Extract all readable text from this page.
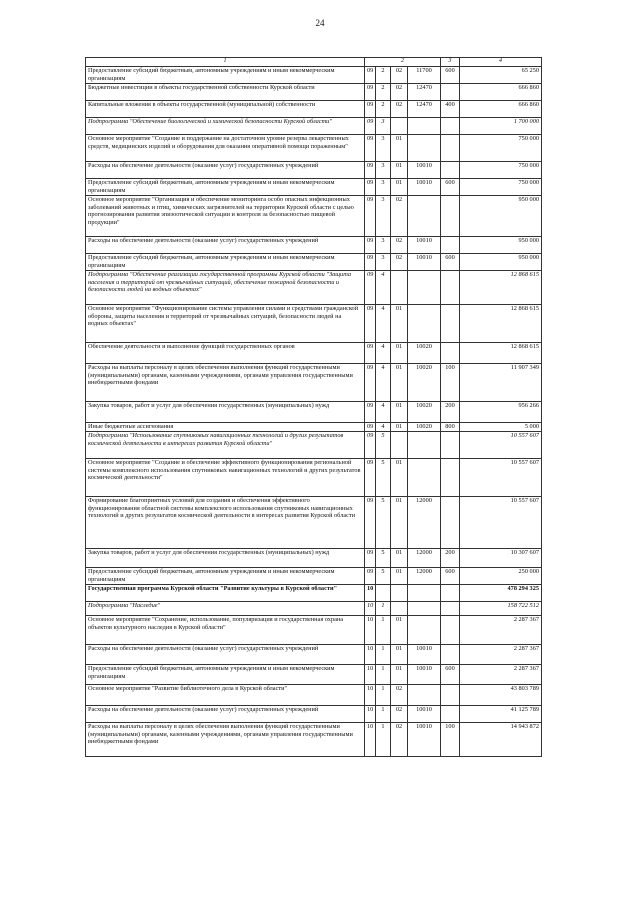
24
1	2				3	4
Предоставление субсидий бюджетным, автономным учреждениям и иным некоммерческим организациям	09	2	02	11700	600	65 250
Бюджетные инвестиции в объекты государственной собственности Курской области	09	2	02	12470		666 860
Капитальные вложения в объекты государственной (муниципальной) собственности	09	2	02	12470	400	666 860
Подпрограмма "Обеспечение биологической и химической безопасности Курской области"	09	3				1 700 000
Основное мероприятие "Создание и поддержание на достаточном уровне резерва лекарственных средств, медицинских изделий и оборудования для оказания оперативной помощи пораженным"	09	3	01			750 000
Расходы на обеспечение деятельности (оказание услуг) государственных учреждений	09	3	01	10010		750 000
Предоставление субсидий бюджетным, автономным учреждениям и иным некоммерческим организациям	09	3	01	10010	600	750 000
Основное мероприятие "Организация и обеспечение мониторинга особо опасных инфекционных заболеваний животных и птиц, химических загрязнителей на территории Курской области с целью прогнозирования развития эпизоотической ситуации и контроля за безопасностью пищевой продукции"	09	3	02			950 000
Расходы на обеспечение деятельности (оказание услуг) государственных учреждений	09	3	02	10010		950 000
Предоставление субсидий бюджетным, автономным учреждениям и иным некоммерческим организациям	09	3	02	10010	600	950 000
Подпрограмма "Обеспечение реализации государственной программы Курской области "Защита населения и территорий от чрезвычайных ситуаций, обеспечение пожарной безопасности и безопасности людей на водных объектах"	09	4				12 868 615
Основное мероприятие "Функционирование системы управления силами и средствами гражданской обороны, защиты населения и территорий от чрезвычайных ситуаций, безопасности людей на водных объектах"	09	4	01			12 868 615
Обеспечение деятельности и выполнение функций государственных органов	09	4	01	10020		12 868 615
Расходы на выплаты персоналу в целях обеспечения выполнения функций государственными (муниципальными) органами, казенными учреждениями, органами управления государственными внебюджетными фондами	09	4	01	10020	100	11 907 349
Закупка товаров, работ и услуг для обеспечения государственных (муниципальных) нужд	09	4	01	10020	200	956 266
Иные бюджетные ассигнования	09	4	01	10020	800	5 000
Подпрограмма "Использование спутниковых навигационных технологий и других результатов космической деятельности в интересах развития Курской области"	09	5				10 557 607
Основное мероприятие "Создание и обеспечение эффективного функционирования региональной системы комплексного использования спутниковых навигационных технологий и других результатов космической деятельности"	09	5	01			10 557 607
Формирование благоприятных условий для создания и обеспечения эффективного функционирования областной системы комплексного использования спутниковых навигационных технологий и других результатов космической деятельности в интересах развития Курской области	09	5	01	12000		10 557 607
Закупка товаров, работ и услуг для обеспечения государственных (муниципальных) нужд	09	5	01	12000	200	10 307 607
Предоставление субсидий бюджетным, автономным учреждениям и иным некоммерческим организациям	09	5	01	12000	600	250 000
Государственная программа Курской области "Развитие культуры в Курской области"	10					478 294 325
Подпрограмма "Наследие"	10	1				158 722 512
Основное мероприятие "Сохранение, использование, популяризация и государственная охрана объектов культурного наследия в Курской области"	10	1	01			2 287 367
Расходы на обеспечение деятельности (оказание услуг) государственных учреждений	10	1	01	10010		2 287 367
Предоставление субсидий бюджетным, автономным учреждениям и иным некоммерческим организациям	10	1	01	10010	600	2 287 367
Основное мероприятие "Развитие библиотечного дела в Курской области"	10	1	02			43 803 789
Расходы на обеспечение деятельности (оказание услуг) государственных учреждений	10	1	02	10010		41 125 789
Расходы на выплаты персоналу в целях обеспечения выполнения функций государственными (муниципальными) органами, казенными учреждениями, органами управления государственными внебюджетными фондами	10	1	02	10010	100	14 943 872
